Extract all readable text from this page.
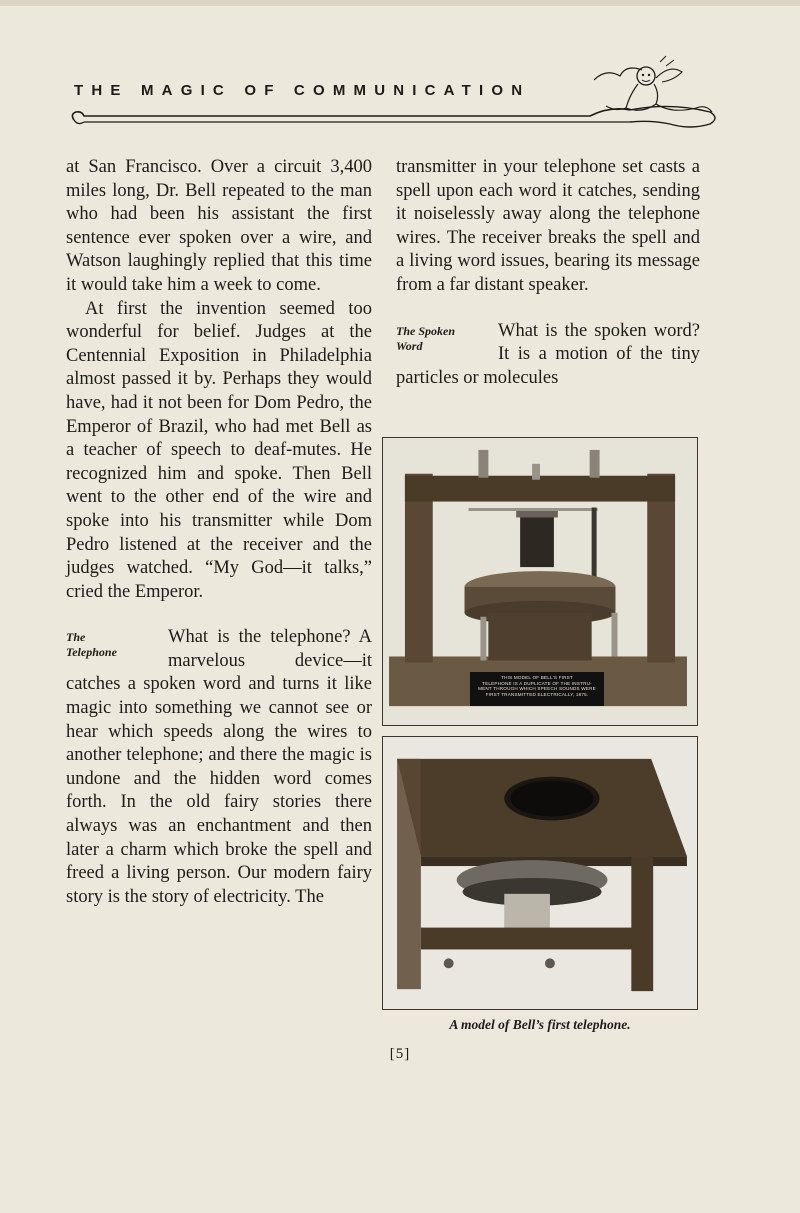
THE MAGIC OF COMMUNICATION

at San Francisco. Over a circuit 3,400 miles long, Dr. Bell repeated to the man who had been his assistant the first sentence ever spoken over a wire, and Watson laughingly replied that this time it would take him a week to come.

At first the invention seemed too wonderful for belief. Judges at the Centennial Exposition in Philadelphia almost passed it by. Perhaps they would have, had it not been for Dom Pedro, the Emperor of Brazil, who had met Bell as a teacher of speech to deaf-mutes. He recognized him and spoke. Then Bell went to the other end of the wire and spoke into his transmitter while Dom Pedro listened at the receiver and the judges watched. “My God—it talks,” cried the Emperor.

The
Telephone

What is the telephone? A marvelous device—it catches a spoken word and turns it like magic into something we cannot see or hear which speeds along the wires to another telephone; and there the magic is undone and the hidden word comes forth. In the old fairy stories there always was an enchantment and then later a charm which broke the spell and freed a living person. Our modern fairy story is the story of electricity. The

transmitter in your telephone set casts a spell upon each word it catches, sending it noiselessly away along the telephone wires. The receiver breaks the spell and a living word issues, bearing its message from a far distant speaker.

The Spoken
Word

What is the spoken word? It is a motion of the tiny particles or molecules

THIS MODEL OF BELL'S FIRST
TELEPHONE IS A DUPLICATE OF THE INSTRU-
MENT THROUGH WHICH SPEECH SOUNDS WERE
FIRST TRANSMITTED ELECTRICALLY, 1875.
A model of Bell’s first telephone.
[5]
